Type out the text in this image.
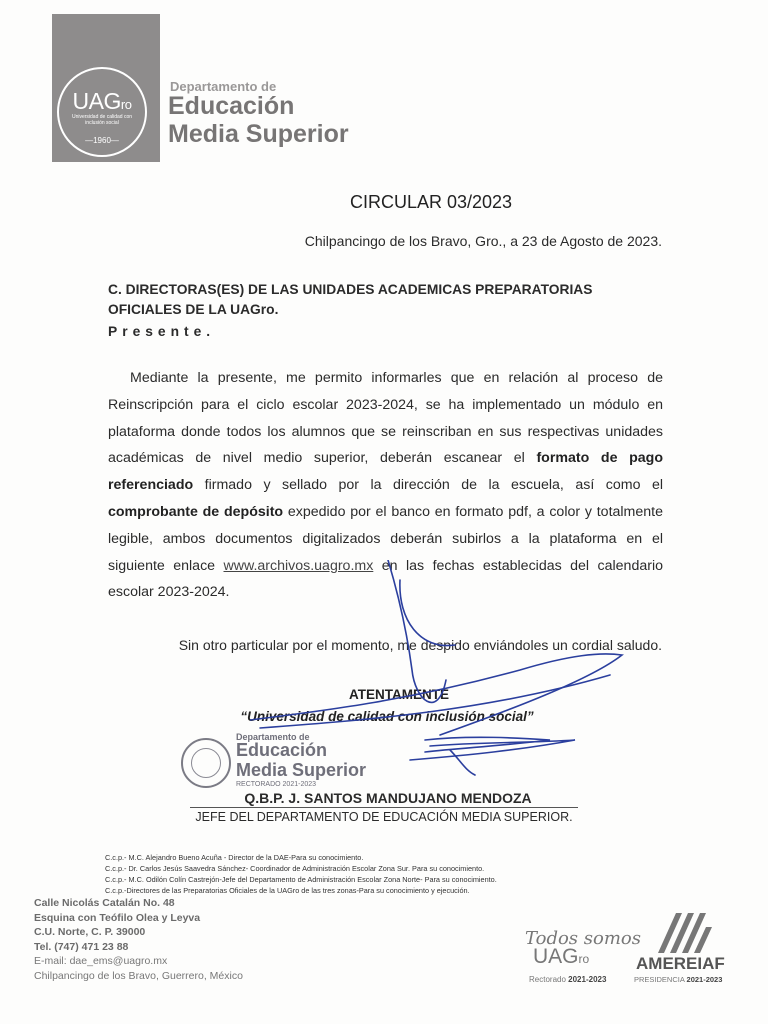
UAGro
Universidad de calidad con inclusión social
—1960—
Departamento de
Educación
Media Superior
CIRCULAR 03/2023
Chilpancingo de los Bravo, Gro., a 23 de Agosto de 2023.
C. DIRECTORAS(ES) DE LAS UNIDADES ACADEMICAS PREPARATORIAS
OFICIALES DE LA UAGro.
Presente.

Mediante la presente, me permito informarles que en relación al proceso de Reinscripción para el ciclo escolar 2023-2024, se ha implementado un módulo en plataforma donde todos los alumnos que se reinscriban en sus respectivas unidades académicas de nivel medio superior, deberán escanear el formato de pago referenciado firmado y sellado por la dirección de la escuela, así como el comprobante de depósito expedido por el banco en formato pdf, a color y totalmente legible, ambos documentos digitalizados deberán subirlos a la plataforma en el siguiente enlace www.archivos.uagro.mx en las fechas establecidas del calendario escolar 2023-2024.

Sin otro particular por el momento, me despido enviándoles un cordial saludo.
ATENTAMENTE
“Universidad de calidad con inclusión social”
Departamento de
Educación
Media Superior
RECTORADO 2021-2023
Q.B.P. J. SANTOS MANDUJANO MENDOZA
JEFE DEL DEPARTAMENTO DE EDUCACIÓN MEDIA SUPERIOR.
C.c.p.- M.C. Alejandro Bueno Acuña - Director de la DAE-Para su conocimiento.
C.c.p.- Dr. Carlos Jesús Saavedra Sánchez- Coordinador de Administración Escolar Zona Sur. Para su conocimiento.
C.c.p.- M.C. Odilón Colín Castrejón-Jefe del Departamento de Administración Escolar Zona Norte- Para su conocimiento.
C.c.p.-Directores de las Preparatorias Oficiales de la UAGro de las tres zonas-Para su conocimiento y ejecución.
Calle Nicolás Catalán No. 48
Esquina con Teófilo Olea y Leyva
C.U. Norte, C. P. 39000
Tel. (747) 471 23 88
E-mail: dae_ems@uagro.mx
Chilpancingo de los Bravo, Guerrero, México
Todos somos
UAGro
Rectorado 2021-2023
AMEREIAF
PRESIDENCIA 2021-2023
